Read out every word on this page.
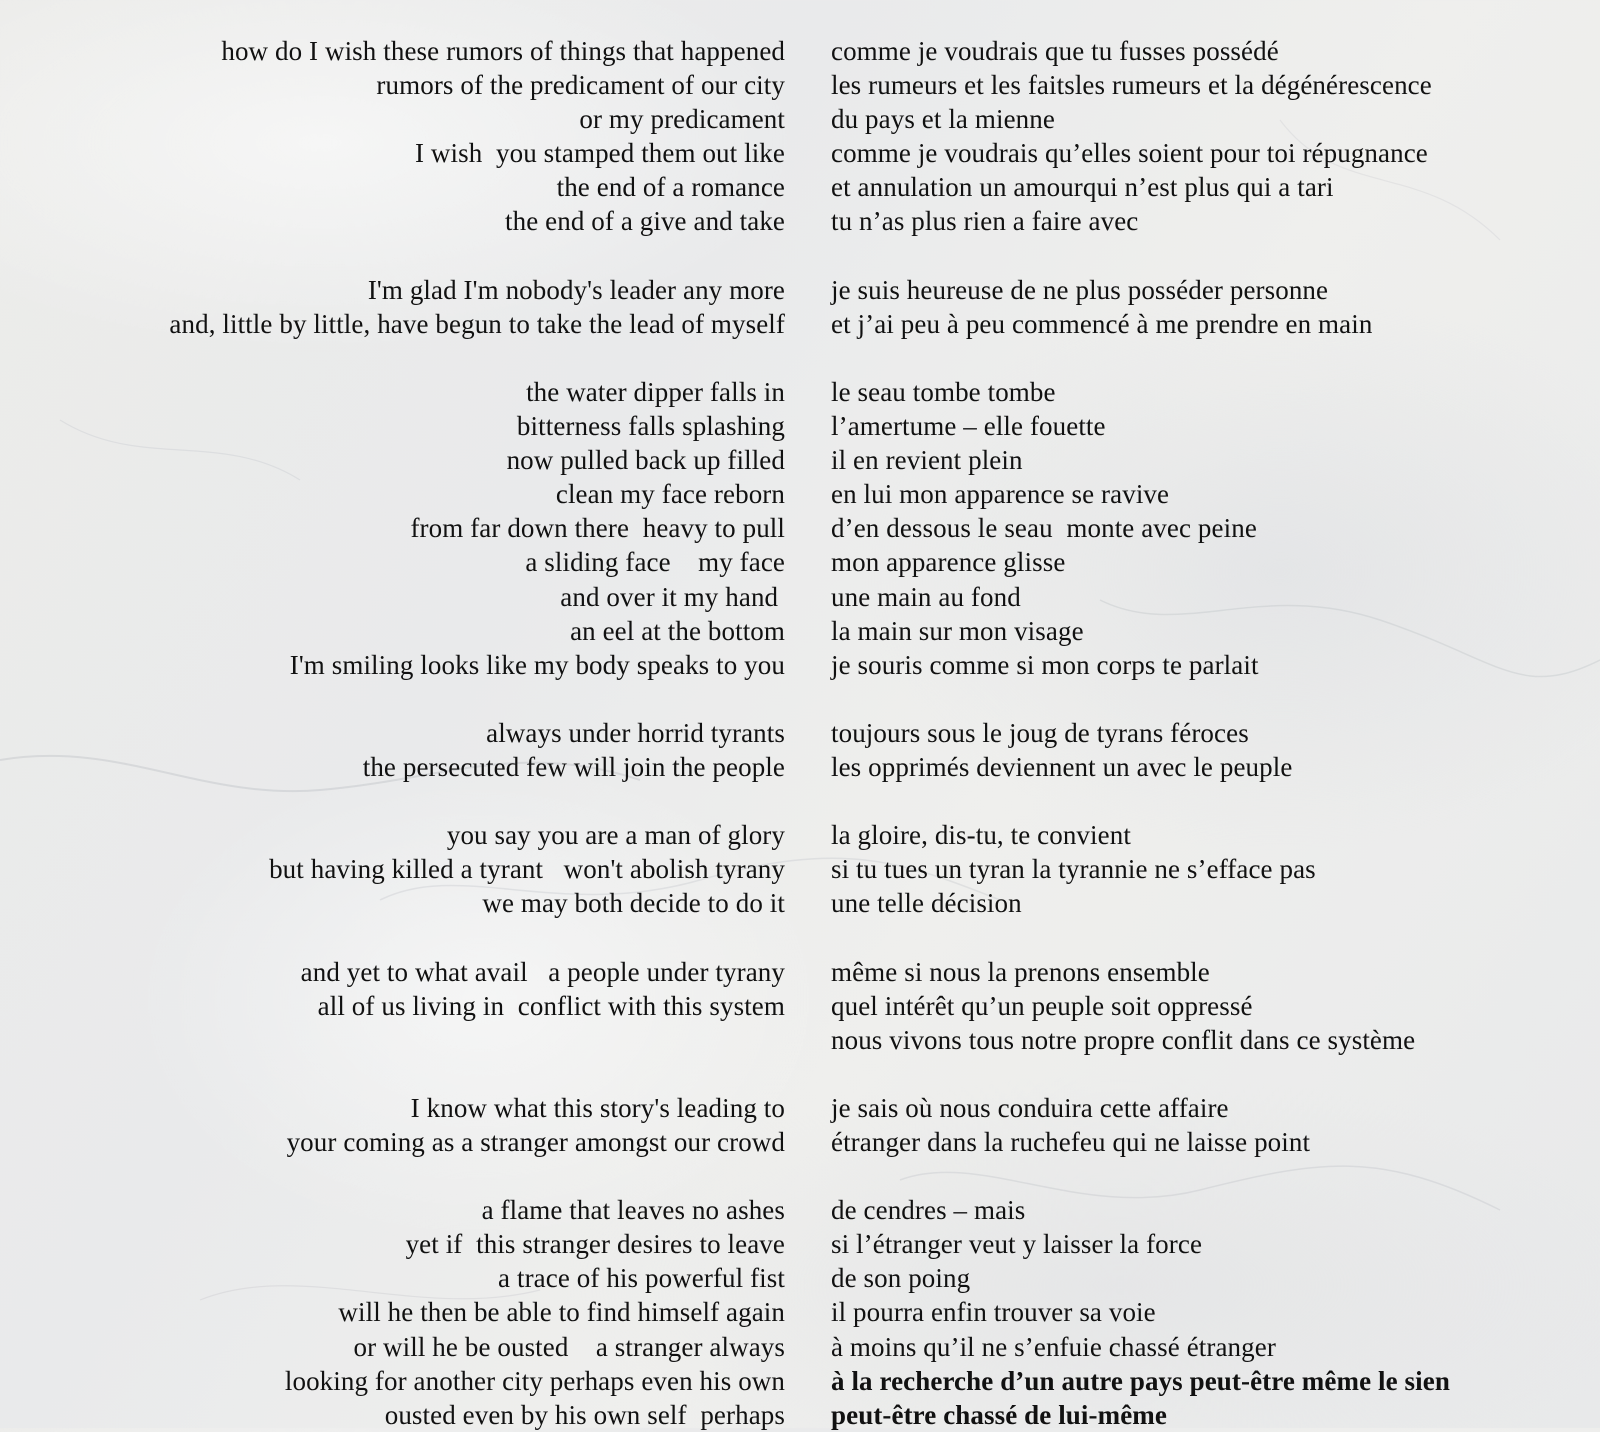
how do I wish these rumors of things that happened
rumors of the predicament of our city
or my predicament
I wish  you stamped them out like
the end of a romance
the end of a give and take
I'm glad I'm nobody's leader any more
and, little by little, have begun to take the lead of myself
the water dipper falls in
bitterness falls splashing
now pulled back up filled
clean my face reborn
from far down there  heavy to pull
a sliding face    my face
and over it my hand
an eel at the bottom
I'm smiling looks like my body speaks to you
always under horrid tyrants
the persecuted few will join the people
you say you are a man of glory
but having killed a tyrant   won't abolish tyrany
we may both decide to do it
and yet to what avail   a people under tyrany
all of us living in  conflict with this system
I know what this story's leading to
your coming as a stranger amongst our crowd
a flame that leaves no ashes
yet if  this stranger desires to leave
a trace of his powerful fist
will he then be able to find himself again
or will he be ousted    a stranger always
looking for another city perhaps even his own
ousted even by his own self  perhaps
comme je voudrais que tu fusses possédé
les rumeurs et les faitsles rumeurs et la dégénérescence
du pays et la mienne
comme je voudrais qu’elles soient pour toi répugnance
et annulation un amourqui n’est plus qui a tari
tu n’as plus rien a faire avec
je suis heureuse de ne plus posséder personne
et j’ai peu à peu commencé à me prendre en main
le seau tombe tombe
l’amertume – elle fouette
il en revient plein
en lui mon apparence se ravive
d’en dessous le seau  monte avec peine
mon apparence glisse
une main au fond
la main sur mon visage
je souris comme si mon corps te parlait
toujours sous le joug de tyrans féroces
les opprimés deviennent un avec le peuple
la gloire, dis-tu, te convient
si tu tues un tyran la tyrannie ne s’efface pas
une telle décision
même si nous la prenons ensemble
quel intérêt qu’un peuple soit oppressé
nous vivons tous notre propre conflit dans ce système
je sais où nous conduira cette affaire
étranger dans la ruchefeu qui ne laisse point
de cendres – mais
si l’étranger veut y laisser la force
de son poing
il pourra enfin trouver sa voie
à moins qu’il ne s’enfuie chassé étranger
à la recherche d’un autre pays peut-être même le sien
peut-être chassé de lui-même
